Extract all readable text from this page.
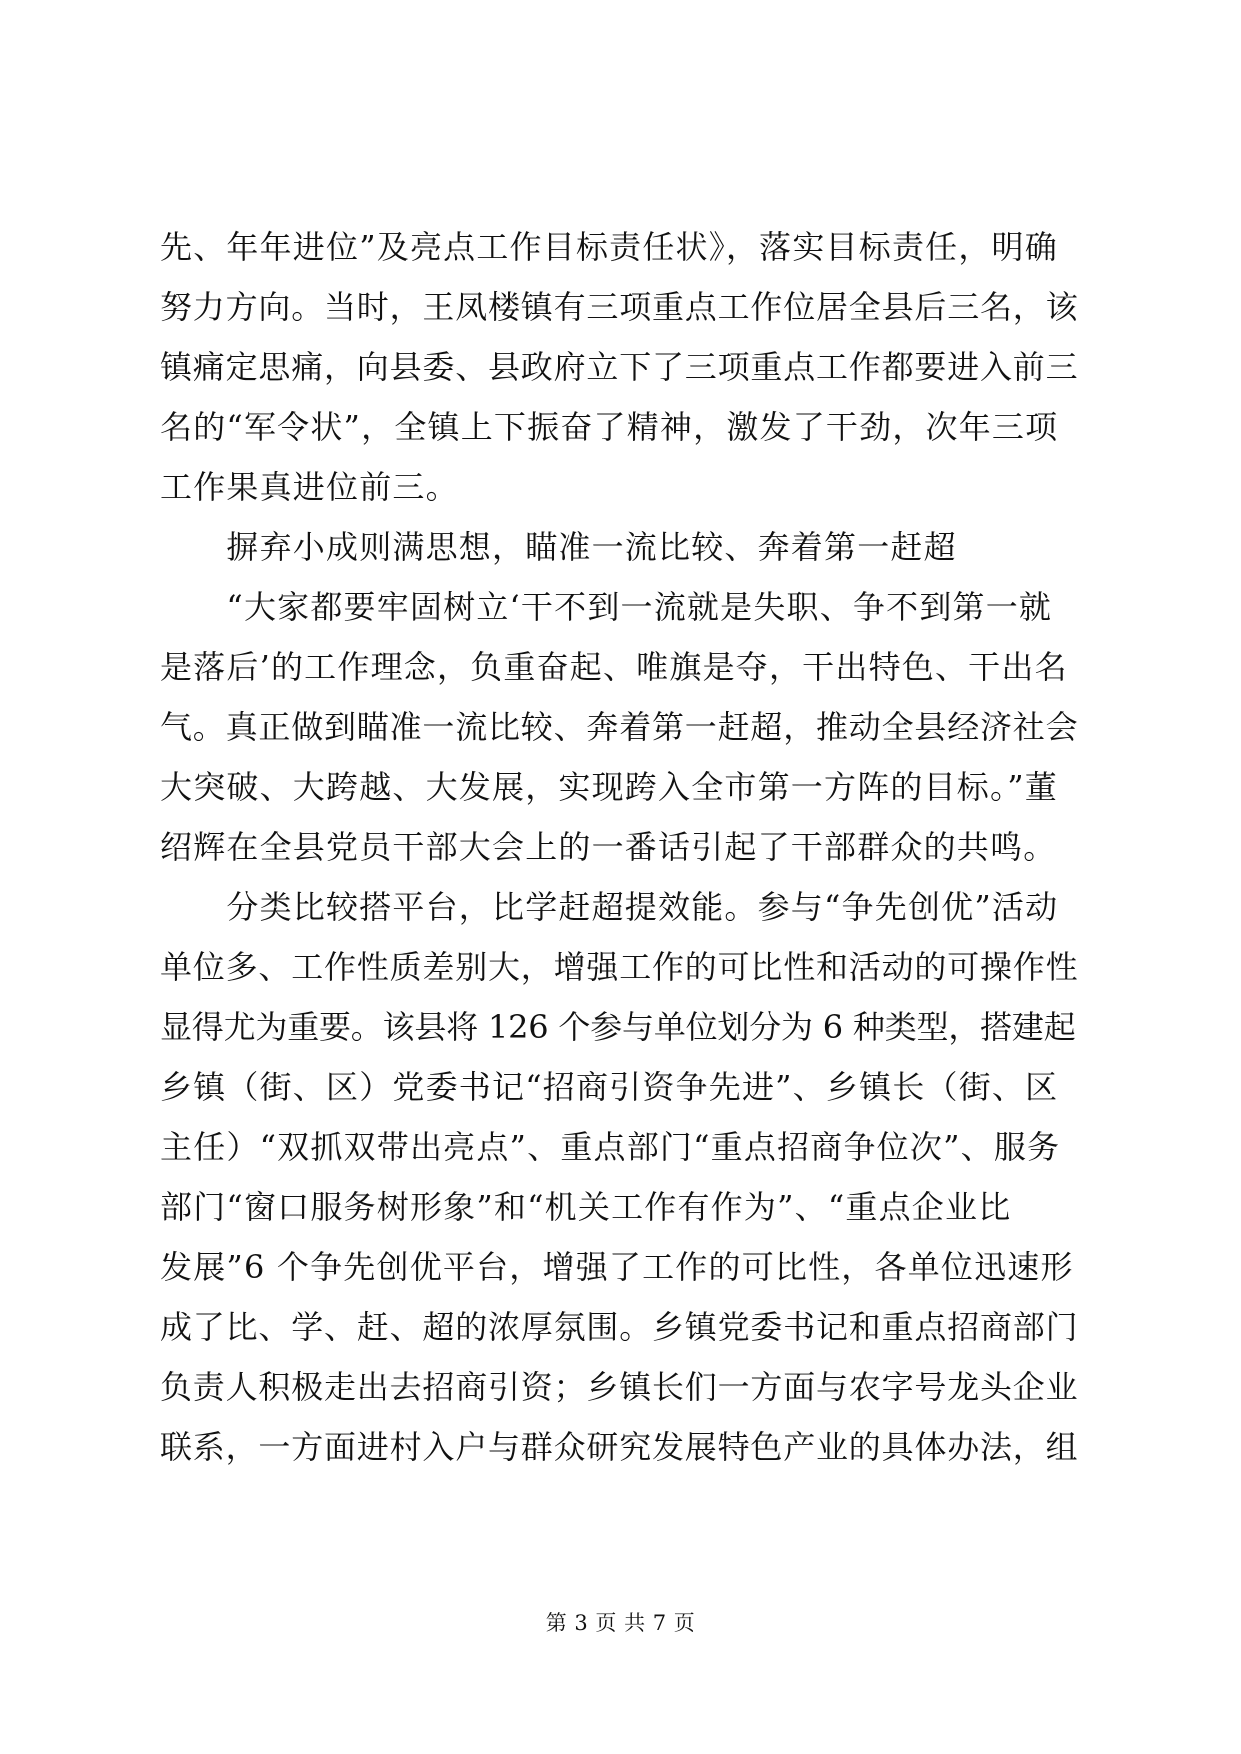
先、年年进位”及亮点工作目标责任状》，落实目标责任，明确
努力方向。当时，王凤楼镇有三项重点工作位居全县后三名，该
镇痛定思痛，向县委、县政府立下了三项重点工作都要进入前三
名的“军令状”，全镇上下振奋了精神，激发了干劲，次年三项
工作果真进位前三。
　　摒弃小成则满思想，瞄准一流比较、奔着第一赶超
　　“大家都要牢固树立‘干不到一流就是失职、争不到第一就
是落后’的工作理念，负重奋起、唯旗是夺，干出特色、干出名
气。真正做到瞄准一流比较、奔着第一赶超，推动全县经济社会
大突破、大跨越、大发展，实现跨入全市第一方阵的目标。”董
绍辉在全县党员干部大会上的一番话引起了干部群众的共鸣。
　　分类比较搭平台，比学赶超提效能。参与“争先创优”活动
单位多、工作性质差别大，增强工作的可比性和活动的可操作性
显得尤为重要。该县将 126 个参与单位划分为 6 种类型，搭建起
乡镇（街、区）党委书记“招商引资争先进”、乡镇长（街、区
主任）“双抓双带出亮点”、重点部门“重点招商争位次”、服务
部门“窗口服务树形象”和“机关工作有作为”、“重点企业比
发展”6 个争先创优平台，增强了工作的可比性，各单位迅速形
成了比、学、赶、超的浓厚氛围。乡镇党委书记和重点招商部门
负责人积极走出去招商引资；乡镇长们一方面与农字号龙头企业
联系，一方面进村入户与群众研究发展特色产业的具体办法，组
第 3 页 共 7 页
